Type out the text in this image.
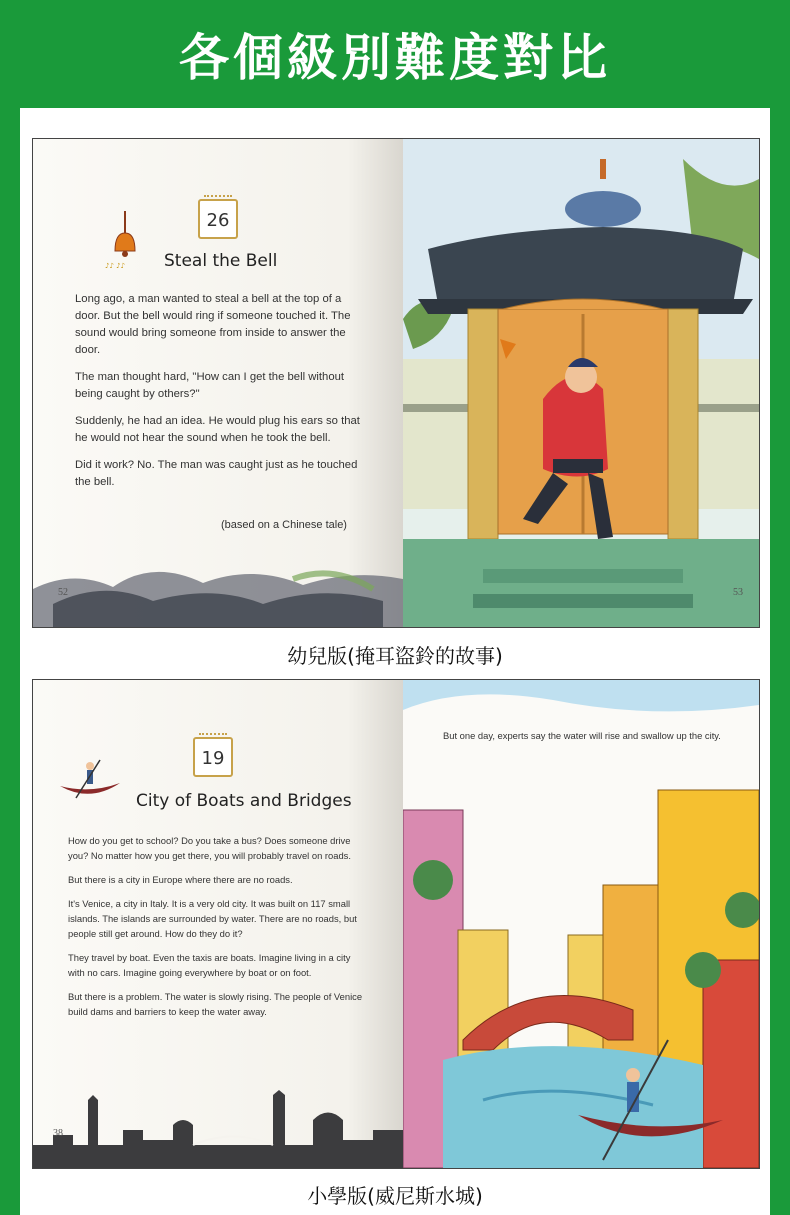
各個級別難度對比
26
♪♪ ♪♪ Steal the Bell

Long ago, a man wanted to steal a bell at the top of a door. But the bell would ring if someone touched it. The sound would bring someone from inside to answer the door.

The man thought hard, "How can I get the bell without being caught by others?"

Suddenly, he had an idea. He would plug his ears so that he would not hear the sound when he took the bell.

Did it work? No. The man was caught just as he touched the bell.

(based on a Chinese tale)
52	53
幼兒版(掩耳盜鈴的故事)
19
City of Boats and Bridges

How do you get to school? Do you take a bus? Does someone drive you? No matter how you get there, you will probably travel on roads.

But there is a city in Europe where there are no roads.

It's Venice, a city in Italy. It is a very old city. It was built on 117 small islands. The islands are surrounded by water. There are no roads, but people still get around. How do they do it?

They travel by boat. Even the taxis are boats. Imagine living in a city with no cars. Imagine going everywhere by boat or on foot.

But there is a problem. The water is slowly rising. The people of Venice build dams and barriers to keep the water away.

38
But one day, experts say the water will rise and swallow up the city.
小學版(威尼斯水城)
